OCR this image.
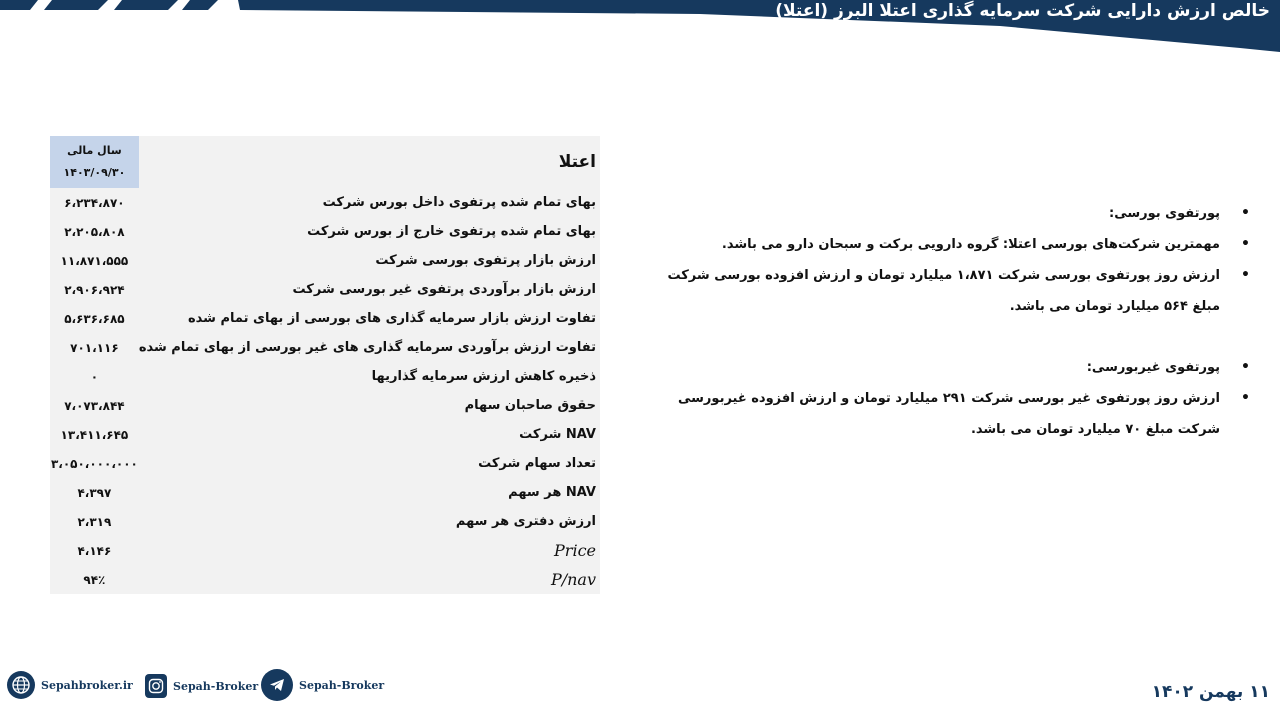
خالص ارزش دارایی شرکت سرمایه گذاری اعتلا البرز (اعتلا)
اعتلا	سال مالی
۱۴۰۳/۰۹/۳۰

بهای تمام شده پرتفوی داخل بورس شرکت	۶،۲۳۴،۸۷۰
بهای تمام شده پرتفوی خارج از بورس شرکت	۲،۲۰۵،۸۰۸
ارزش بازار پرتفوی بورسی شرکت	۱۱،۸۷۱،۵۵۵
ارزش بازار برآوردی پرتفوی غیر بورسی شرکت	۲،۹۰۶،۹۲۴
تفاوت ارزش بازار سرمایه گذاری های بورسی از بهای تمام شده	۵،۶۳۶،۶۸۵
تفاوت ارزش برآوردی سرمایه گذاری های غیر بورسی از بهای تمام شده	۷۰۱،۱۱۶
ذخیره کاهش ارزش سرمایه گذاریها	۰
حقوق صاحبان سهام	۷،۰۷۳،۸۴۴
NAV شرکت	۱۳،۴۱۱،۶۴۵
تعداد سهام شرکت	۳،۰۵۰،۰۰۰،۰۰۰
NAV هر سهم	۴،۳۹۷
ارزش دفتری هر سهم	۲،۳۱۹
Price	۴،۱۴۶
P/nav	۹۴٪
• پورتفوی بورسی:
• مهمترین شرکت‌های بورسی اعتلا: گروه دارویی برکت و سبحان دارو می باشد.
• ارزش روز پورتفوی بورسی شرکت ۱،۸۷۱ میلیارد تومان و ارزش افزوده بورسی شرکت مبلغ ۵۶۴ میلیارد تومان می باشد.
• پورتفوی غیربورسی:
• ارزش روز پورتفوی غیر بورسی شرکت ۲۹۱ میلیارد تومان و ارزش افزوده غیربورسی شرکت مبلغ ۷۰ میلیارد تومان می باشد.
Sepahbroker.ir	Sepah-Broker	Sepah-Broker	۱۱ بهمن ۱۴۰۲
